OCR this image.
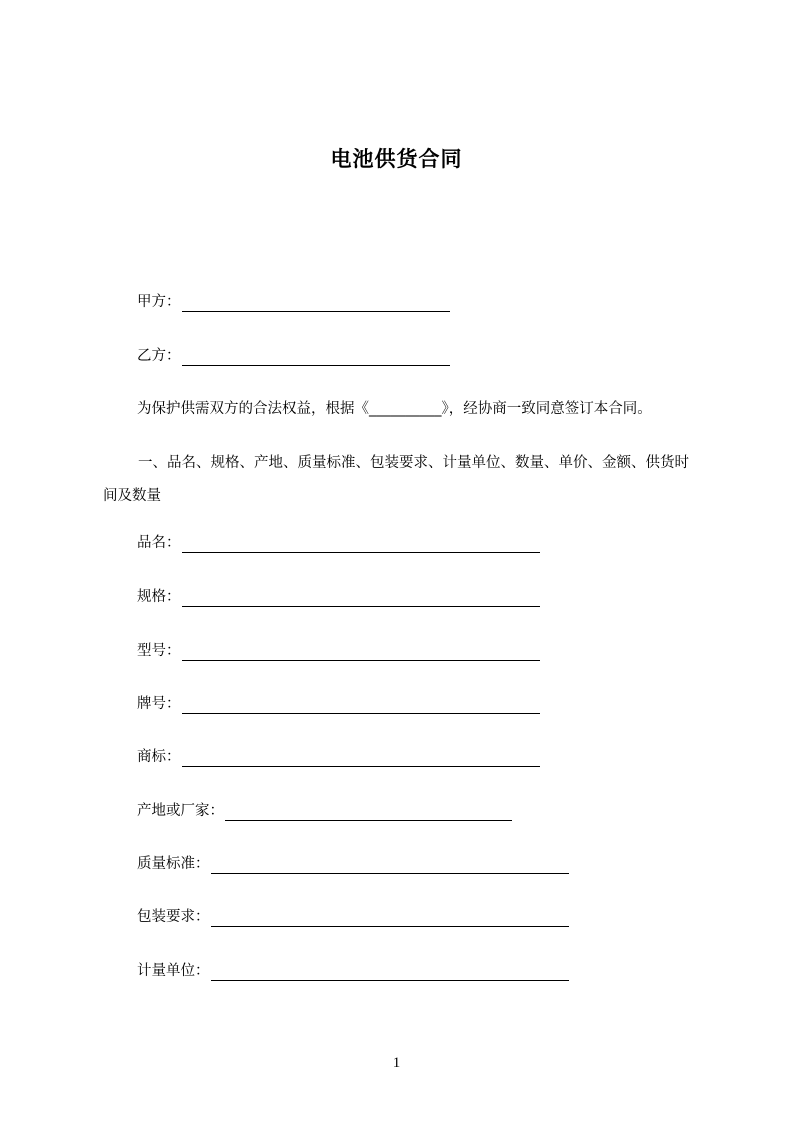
电池供货合同
甲方：
乙方：
为保护供需双方的合法权益，根据《__________》，经协商一致同意签订本合同。
一、品名、规格、产地、质量标准、包装要求、计量单位、数量、单价、金额、供货时间及数量
品名：
规格：
型号：
牌号：
商标：
产地或厂家：
质量标准：
包装要求：
计量单位：
1
